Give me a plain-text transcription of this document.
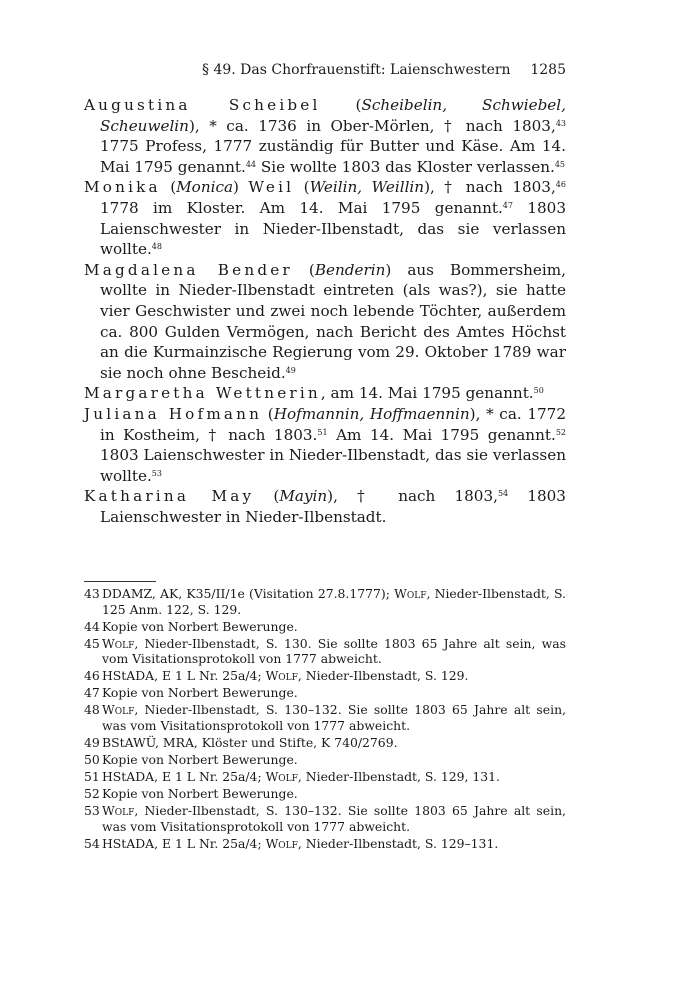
§ 49. Das Chorfrauenstift: Laienschwestern 1285
Augustina Scheibel (Scheibelin, Schwiebel, Scheuwelin), * ca. 1736 in Ober-Mörlen, † nach 1803,43 1775 Profess, 1777 zuständig für Butter und Käse. Am 14. Mai 1795 genannt.$^{44}$ Sie wollte 1803 das Kloster verlassen.$^{45}$
Monika (Monica) Weil (Weilin, Weillin), † nach 1803,46 1778 im Kloster. Am 14. Mai 1795 genannt.$^{47}$ 1803 Laienschwester in Nieder-Ilbenstadt, das sie verlassen wollte.$^{48}$
Magdalena Bender (Benderin) aus Bommersheim, wollte in Nieder-Ilbenstadt eintreten (als was?), sie hatte vier Geschwister und zwei noch lebende Töchter, außerdem ca. 800 Gulden Vermögen, nach Bericht des Amtes Höchst an die Kurmainzische Regierung vom 29. Oktober 1789 war sie noch ohne Bescheid.$^{49}$
Margaretha Wettnerin, am 14. Mai 1795 genannt.$^{50}$
Juliana Hofmann (Hofmannin, Hoffmaennin), * ca. 1772 in Kostheim, † nach 1803.51 Am 14. Mai 1795 genannt.$^{52}$ 1803 Laienschwester in Nieder-Ilbenstadt, das sie verlassen wollte.$^{53}$
Katharina May (Mayin), † nach 1803,54 1803 Laienschwester in Nieder-Ilbenstadt.
43 DDAMZ, AK, K35/II/1e (Visitation 27.8.1777); Wolf, Nieder-Ilbenstadt, S. 125 Anm. 122, S. 129.
44 Kopie von Norbert Bewerunge.
45 Wolf, Nieder-Ilbenstadt, S. 130. Sie sollte 1803 65 Jahre alt sein, was vom Visitationsprotokoll von 1777 abweicht.
46 HStADA, E 1 L Nr. 25a/4; Wolf, Nieder-Ilbenstadt, S. 129.
47 Kopie von Norbert Bewerunge.
48 Wolf, Nieder-Ilbenstadt, S. 130–132. Sie sollte 1803 65 Jahre alt sein, was vom Visitationsprotokoll von 1777 abweicht.
49 BStAWÜ, MRA, Klöster und Stifte, K 740/2769.
50 Kopie von Norbert Bewerunge.
51 HStADA, E 1 L Nr. 25a/4; Wolf, Nieder-Ilbenstadt, S. 129, 131.
52 Kopie von Norbert Bewerunge.
53 Wolf, Nieder-Ilbenstadt, S. 130–132. Sie sollte 1803 65 Jahre alt sein, was vom Visitationsprotokoll von 1777 abweicht.
54 HStADA, E 1 L Nr. 25a/4; Wolf, Nieder-Ilbenstadt, S. 129–131.
